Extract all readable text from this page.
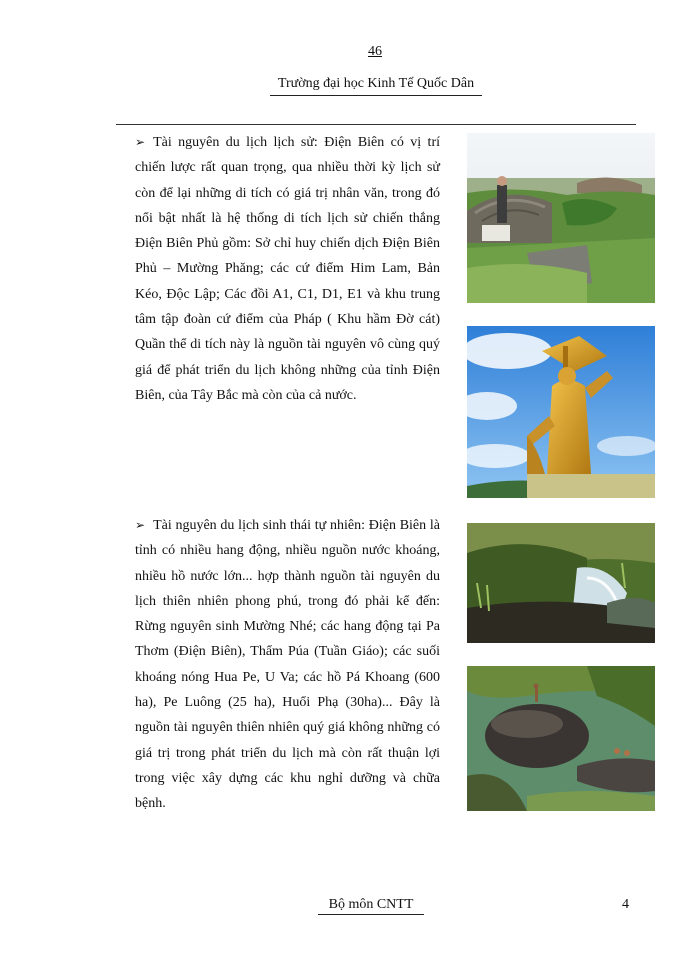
46
Trường đại học Kinh Tế Quốc Dân

➢ Tài nguyên du lịch lịch sử: Điện Biên có vị trí chiến lược rất quan trọng, qua nhiều thời kỳ lịch sử còn để lại những di tích có giá trị nhân văn, trong đó nổi bật nhất là hệ thống di tích lịch sử chiến thắng Điện Biên Phủ gồm: Sở chỉ huy chiến dịch Điện Biên Phủ – Mường Phăng; các cứ điểm Him Lam, Bản Kéo, Độc Lập; Các đồi A1, C1, D1, E1 và khu trung tâm tập đoàn cứ điểm của Pháp ( Khu hầm Đờ cát) Quần thể di tích này là nguồn tài nguyên vô cùng quý giá để phát triển du lịch không những của tỉnh Điện Biên, của Tây Bắc mà còn của cả nước.

➢ Tài nguyên du lịch sinh thái tự nhiên: Điện Biên là tỉnh có nhiều hang động, nhiều nguồn nước khoáng, nhiều hồ nước lớn... hợp thành nguồn tài nguyên du lịch thiên nhiên phong phú, trong đó phải kể đến: Rừng nguyên sinh Mường Nhé; các hang động tại Pa Thơm (Điện Biên), Thẩm Púa (Tuần Giáo); các suối khoáng nóng Hua Pe, U Va; các hồ Pá Khoang (600 ha), Pe Luông (25 ha), Huổi Phạ (30ha)... Đây là nguồn tài nguyên thiên nhiên quý giá không những có giá trị trong phát triển du lịch mà còn rất thuận lợi trong việc xây dựng các khu nghỉ dưỡng và chữa bệnh.

Bộ môn CNTT	4
